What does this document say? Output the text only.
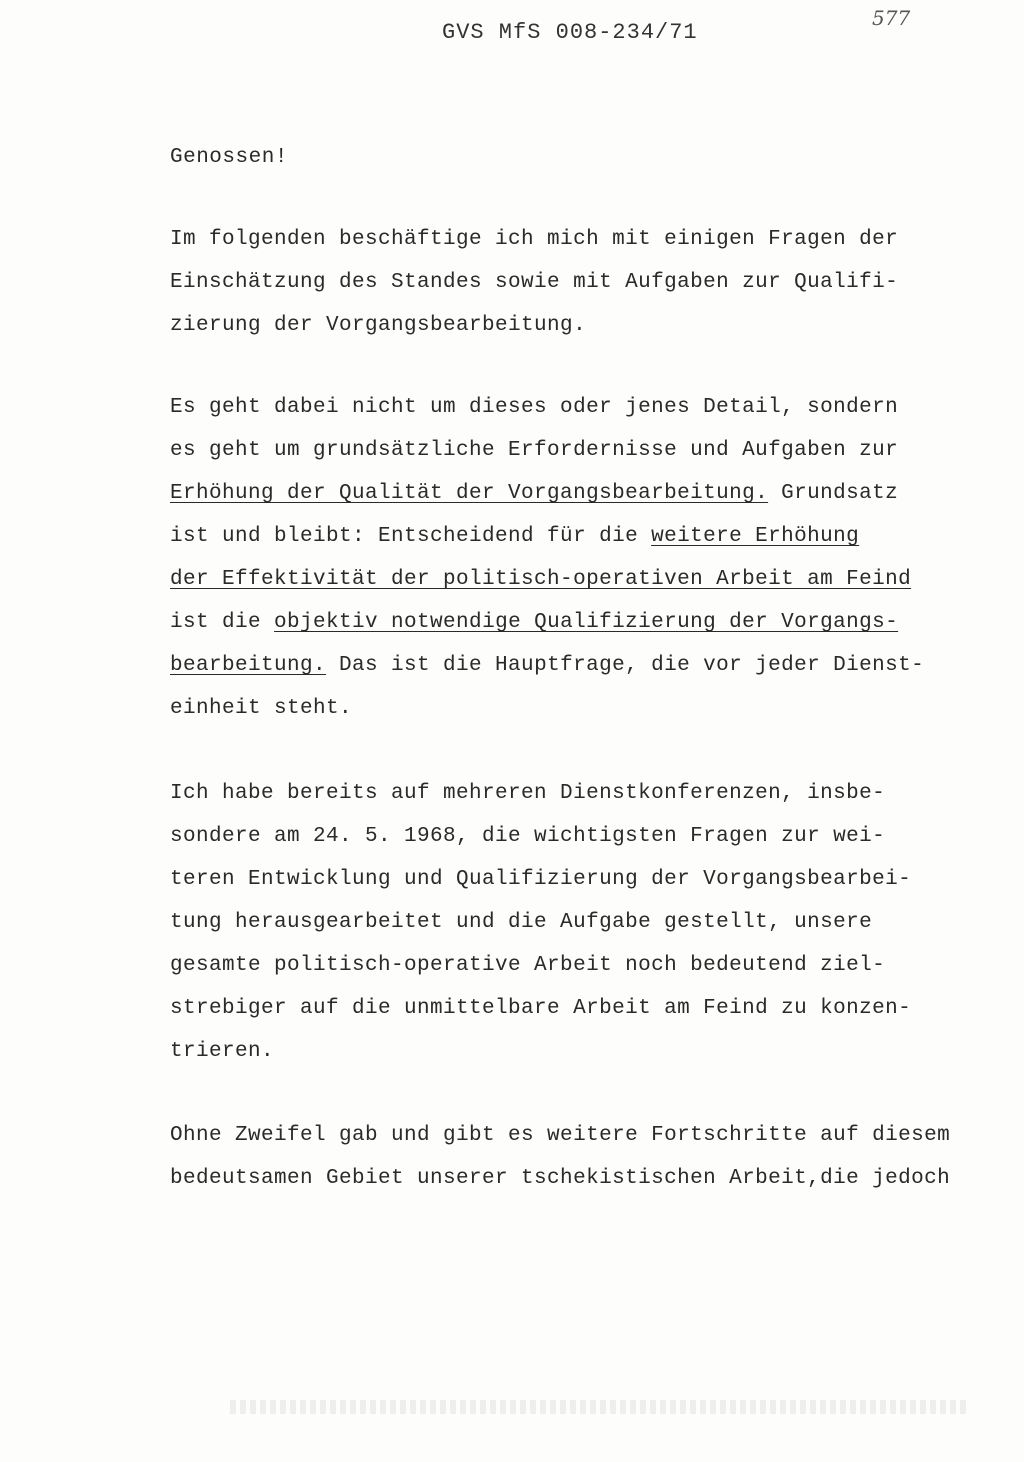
GVS MfS 008-234/71
577
Genossen!
Im folgenden beschäftige ich mich mit einigen Fragen der
Einschätzung des Standes sowie mit Aufgaben zur Qualifi-
zierung der Vorgangsbearbeitung.
Es geht dabei nicht um dieses oder jenes Detail, sondern
es geht um grundsätzliche Erfordernisse und Aufgaben zur
Erhöhung der Qualität der Vorgangsbearbeitung. Grundsatz
ist und bleibt: Entscheidend für die weitere Erhöhung
der Effektivität der politisch-operativen Arbeit am Feind
ist die objektiv notwendige Qualifizierung der Vorgangs-
bearbeitung. Das ist die Hauptfrage, die vor jeder Dienst-
einheit steht.
Ich habe bereits auf mehreren Dienstkonferenzen, insbe-
sondere am 24. 5. 1968, die wichtigsten Fragen zur wei-
teren Entwicklung und Qualifizierung der Vorgangsbearbei-
tung herausgearbeitet und die Aufgabe gestellt, unsere
gesamte politisch-operative Arbeit noch bedeutend ziel-
strebiger auf die unmittelbare Arbeit am Feind zu konzen-
trieren.
Ohne Zweifel gab und gibt es weitere Fortschritte auf diesem
bedeutsamen Gebiet unserer tschekistischen Arbeit,die jedoch
